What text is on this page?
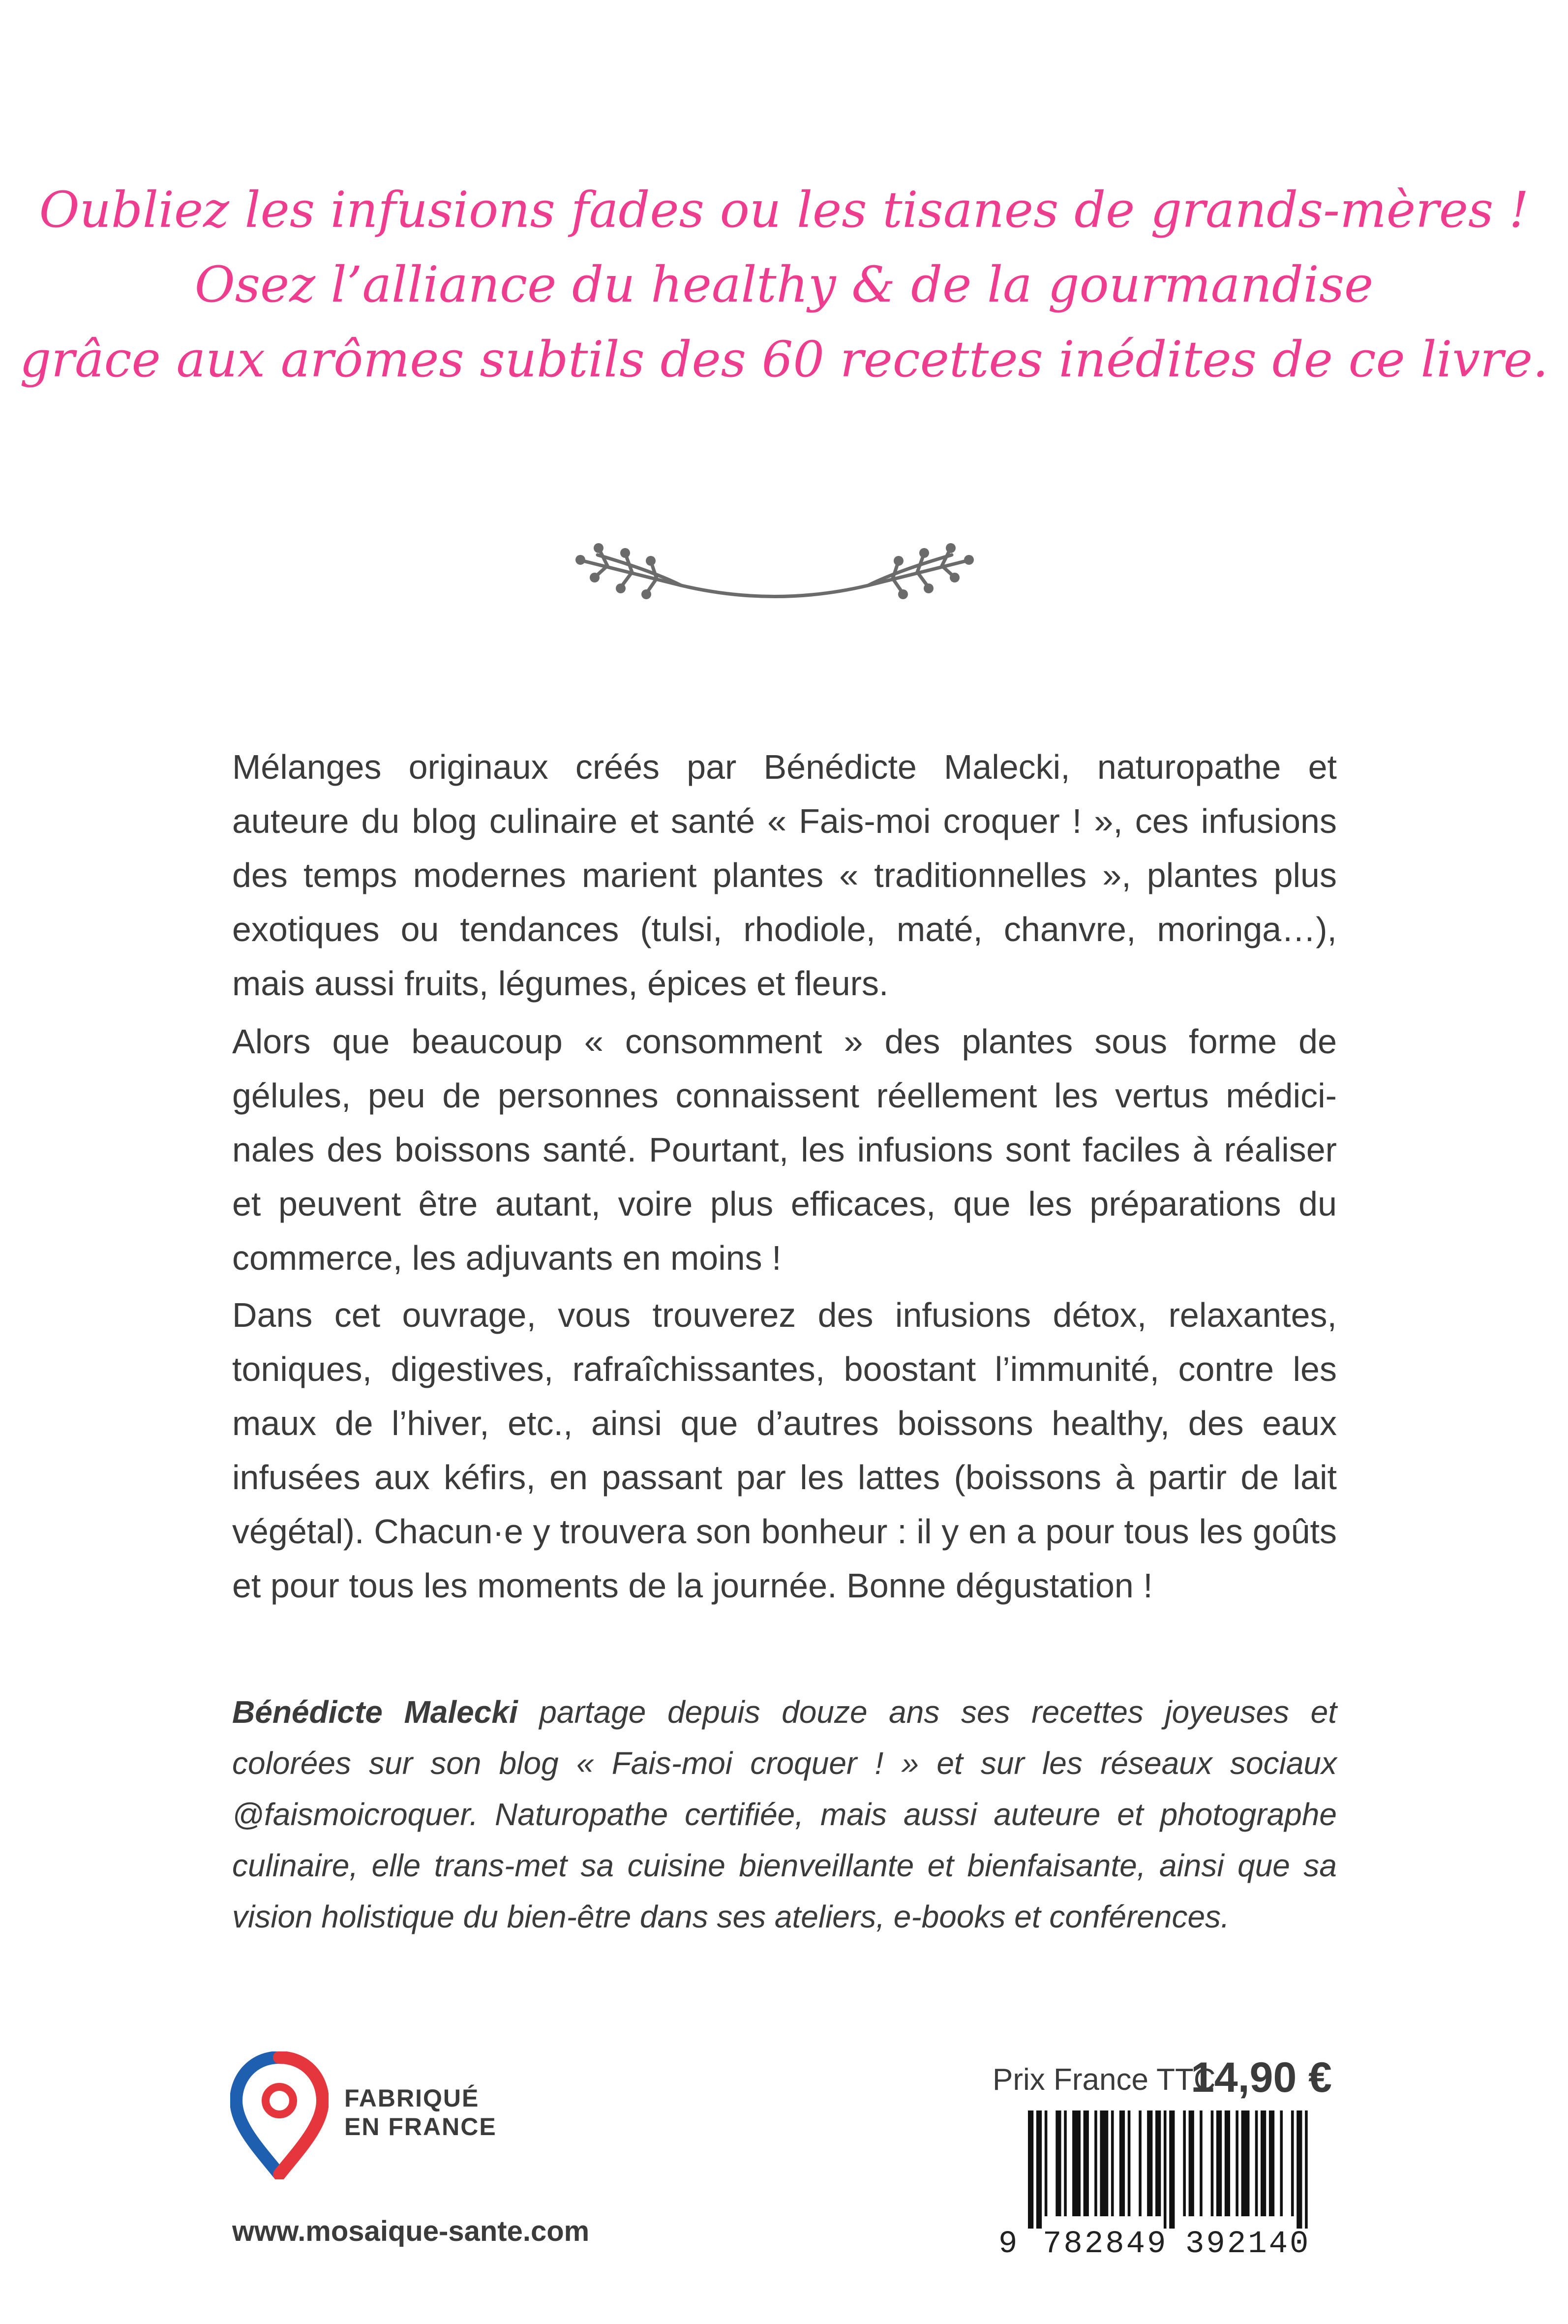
Oubliez les infusions fades ou les tisanes de grands-mères !
Osez l’alliance du healthy & de la gourmandise
grâce aux arômes subtils des 60 recettes inédites de ce livre.

Mélanges originaux créés par Bénédicte Malecki, naturopathe et auteure du blog culinaire et santé « Fais-moi croquer ! », ces infusions des temps modernes marient plantes « traditionnelles », plantes plus exotiques ou tendances (tulsi, rhodiole, maté, chanvre, moringa…), mais aussi fruits, légumes, épices et fleurs.

Alors que beaucoup « consomment » des plantes sous forme de gélules, peu de personnes connaissent réellement les vertus médici-nales des boissons santé. Pourtant, les infusions sont faciles à réaliser et peuvent être autant, voire plus efficaces, que les préparations du commerce, les adjuvants en moins !

Dans cet ouvrage, vous trouverez des infusions détox, relaxantes, toniques, digestives, rafraîchissantes, boostant l’immunité, contre les maux de l’hiver, etc., ainsi que d’autres boissons healthy, des eaux infusées aux kéfirs, en passant par les lattes (boissons à partir de lait végétal). Chacun·e y trouvera son bonheur : il y en a pour tous les goûts et pour tous les moments de la journée. Bonne dégustation !

Bénédicte Malecki partage depuis douze ans ses recettes joyeuses et colorées sur son blog « Fais-moi croquer ! » et sur les réseaux sociaux @faismoicroquer. Naturopathe certifiée, mais aussi auteure et photographe culinaire, elle trans-met sa cuisine bienveillante et bienfaisante, ainsi que sa vision holistique du bien-être dans ses ateliers, e-books et conférences.

FABRIQUÉ
EN FRANCE
www.mosaique-sante.com
Prix France TTC
14,90 €
9 782849 392140
